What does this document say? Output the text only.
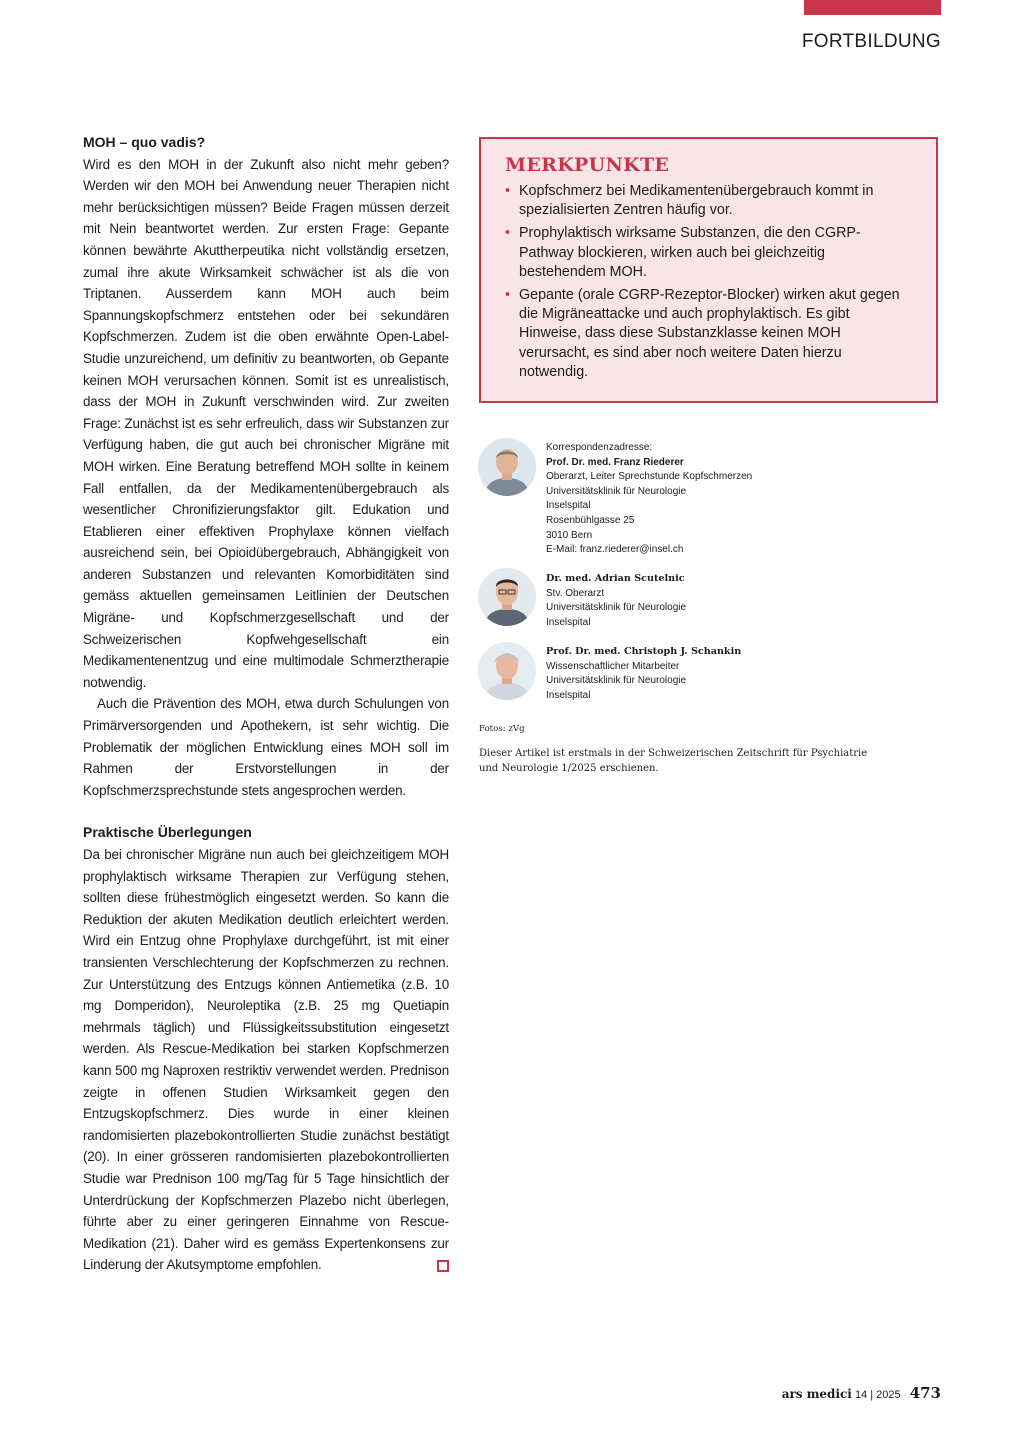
FORTBILDUNG

MOH – quo vadis?

Wird es den MOH in der Zukunft also nicht mehr geben? Werden wir den MOH bei Anwendung neuer Therapien nicht mehr berücksichtigen müssen? Beide Fragen müssen derzeit mit Nein beantwortet werden. Zur ersten Frage: Gepante können bewährte Akuttherpeutika nicht vollständig ersetzen, zumal ihre akute Wirksamkeit schwächer ist als die von Triptanen. Ausserdem kann MOH auch beim Spannungskopfschmerz entstehen oder bei sekundären Kopfschmerzen. Zudem ist die oben erwähnte Open-Label-Studie unzureichend, um definitiv zu beantworten, ob Gepante keinen MOH verursachen können. Somit ist es unrealistisch, dass der MOH in Zukunft verschwinden wird. Zur zweiten Frage: Zunächst ist es sehr erfreulich, dass wir Substanzen zur Verfügung haben, die gut auch bei chronischer Migräne mit MOH wirken. Eine Beratung betreffend MOH sollte in keinem Fall entfallen, da der Medikamentenübergebrauch als wesentlicher Chronifizierungsfaktor gilt. Edukation und Etablieren einer effektiven Prophylaxe können vielfach ausreichend sein, bei Opioidübergebrauch, Abhängigkeit von anderen Substanzen und relevanten Komorbiditäten sind gemäss aktuellen gemeinsamen Leitlinien der Deutschen Migräne- und Kopfschmerzgesellschaft und der Schweizerischen Kopfwehgesellschaft ein Medikamentenentzug und eine multimodale Schmerztherapie notwendig.

Auch die Prävention des MOH, etwa durch Schulungen von Primärversorgenden und Apothekern, ist sehr wichtig. Die Problematik der möglichen Entwicklung eines MOH soll im Rahmen der Erstvorstellungen in der Kopfschmerzsprechstunde stets angesprochen werden.

Praktische Überlegungen

Da bei chronischer Migräne nun auch bei gleichzeitigem MOH prophylaktisch wirksame Therapien zur Verfügung stehen, sollten diese frühestmöglich eingesetzt werden. So kann die Reduktion der akuten Medikation deutlich erleichtert werden. Wird ein Entzug ohne Prophylaxe durchgeführt, ist mit einer transienten Verschlechterung der Kopfschmerzen zu rechnen. Zur Unterstützung des Entzugs können Antiemetika (z.B. 10 mg Domperidon), Neuroleptika (z.B. 25 mg Quetiapin mehrmals täglich) und Flüssigkeitssubstitution eingesetzt werden. Als Rescue-Medikation bei starken Kopfschmerzen kann 500 mg Naproxen restriktiv verwendet werden. Prednison zeigte in offenen Studien Wirksamkeit gegen den Entzugskopfschmerz. Dies wurde in einer kleinen randomisierten plazebokontrollierten Studie zunächst bestätigt (20). In einer grösseren randomisierten plazebokontrollierten Studie war Prednison 100 mg/Tag für 5 Tage hinsichtlich der Unterdrückung der Kopfschmerzen Plazebo nicht überlegen, führte aber zu einer geringeren Einnahme von Rescue-Medikation (21). Daher wird es gemäss Expertenkonsens zur Linderung der Akutsymptome empfohlen.

MERKPUNKTE

• Kopfschmerz bei Medikamentenübergebrauch kommt in spezialisierten Zentren häufig vor.
• Prophylaktisch wirksame Substanzen, die den CGRP-Pathway blockieren, wirken auch bei gleichzeitig bestehendem MOH.
• Gepante (orale CGRP-Rezeptor-Blocker) wirken akut gegen die Migräneattacke und auch prophylaktisch. Es gibt Hinweise, dass diese Substanzklasse keinen MOH verursacht, es sind aber noch weitere Daten hierzu notwendig.
Korrespondenzadresse:
Prof. Dr. med. Franz Riederer
Oberarzt, Leiter Sprechstunde Kopfschmerzen
Universitätsklinik für Neurologie
Inselspital
Rosenbühlgasse 25
3010 Bern
E-Mail: franz.riederer@insel.ch
Dr. med. Adrian Scutelnic
Stv. Oberarzt
Universitätsklinik für Neurologie
Inselspital
Prof. Dr. med. Christoph J. Schankin
Wissenschaftlicher Mitarbeiter
Universitätsklinik für Neurologie
Inselspital
Fotos: zVg
Dieser Artikel ist erstmals in der Schweizerischen Zeitschrift für Psychiatrie und Neurologie 1/2025 erschienen.
ars medici 14 | 2025 473
